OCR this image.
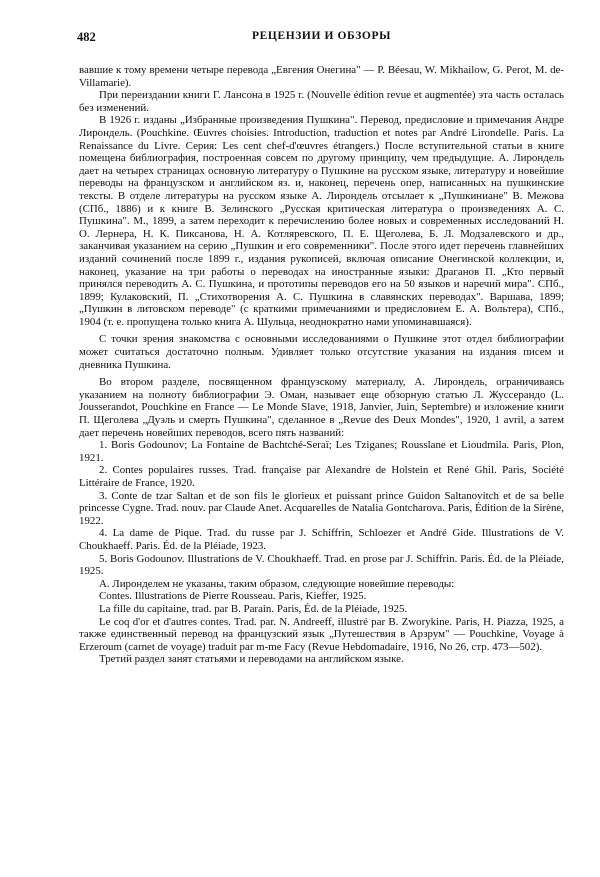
482	РЕЦЕНЗИИ И ОБЗОРЫ

вавшие к тому времени четыре перевода „Евгения Онегина" — P. Béesau, W. Mikhailow, G. Perot, M. de-Villamarie).

При переиздании книги Г. Лансона в 1925 г. (Nouvelle édition revue et augmentée) эта часть осталась без изменений.

В 1926 г. изданы „Избранные произведения Пушкина". Перевод, предисловие и примечания Андре Лирондель. (Pouchkine. Œuvres choisies. Introduction, traduction et notes par André Lirondelle. Paris. La Renaissance du Livre. Серия: Les cent chef-d'œuvres étrangers.) После вступительной статьи в книге помещена библиография, построенная совсем по другому принципу, чем предыдущие. А. Лирондель дает на четырех страницах основную литературу о Пушкине на русском языке, литературу и новейшие переводы на французском и английском яз. и, наконец, перечень опер, написанных на пушкинские тексты. В отделе литературы на русском языке А. Лирондель отсылает к „Пушкиниане" В. Межова (СПб., 1886) и к книге В. Зелинского „Русская критическая литература о произведениях А. С. Пушкина". М., 1899, а затем переходит к перечислению более новых и современных исследований Н. О. Лернера, Н. К. Пиксанова, Н. А. Котляревского, П. Е. Щеголева, Б. Л. Модзалевского и др., заканчивая указанием на серию „Пушкин и его современники". После этого идет перечень главнейших изданий сочинений после 1899 г., издания рукописей, включая описание Онегинской коллекции, и, наконец, указание на три работы о переводах на иностранные языки: Драганов П. „Кто первый принялся переводить А. С. Пушкина, и прототипы переводов его на 50 языков и наречий мира". СПб., 1899; Кулаковский, П. „Стихотворения А. С. Пушкина в славянских переводах". Варшава, 1899; „Пушкин в литовском переводе" (с краткими примечаниями и предисловием Е. А. Вольтера), СПб., 1904 (т. е. пропущена только книга А. Шульца, неоднократно нами упоминавшаяся).

С точки зрения знакомства с основными исследованиями о Пушкине этот отдел библиографии может считаться достаточно полным. Удивляет только отсутствие указания на издания писем и дневника Пушкина.

Во втором разделе, посвященном французскому материалу, А. Лирондель, ограничиваясь указанием на полноту библиографии Э. Оман, называет еще обзорную статью Л. Жуссерандо (L. Jousserandot, Pouchkine en France — Le Monde Slave, 1918, Janvier, Juin, Septembre) и изложение книги П. Щеголева „Дуэль и смерть Пушкина", сделанное в „Revue des Deux Mondes", 1920, 1 avril, а затем дает перечень новейших переводов, всего пять названий:

1. Boris Godounov; La Fontaine de Bachtché-Seraï; Les Tziganes; Rousslane et Lioudmila. Paris, Plon, 1921.

2. Contes populaires russes. Trad. française par Alexandre de Holstein et René Ghil. Paris, Société Littéraire de France, 1920.

3. Conte de tzar Saltan et de son fils le glorieux et puissant prince Guidon Saltanovitch et de sa belle princesse Cygne. Trad. nouv. par Claude Anet. Acquarelles de Natalia Gontcharova. Paris, Édition de la Sirène, 1922.

4. La dame de Pique. Trad. du russe par J. Schiffrin, Schloezer et André Gide. Illustrations de V. Choukhaeff. Paris. Éd. de la Pléiade, 1923.

5. Boris Godounov. Illustrations de V. Choukhaeff. Trad. en prose par J. Schiffrin. Paris. Éd. de la Pléiade, 1925.

А. Лиронделем не указаны, таким образом, следующие новейшие переводы:

Contes. Illustrations de Pierre Rousseau. Paris, Kieffer, 1925.

La fille du capitaine, trad. par B. Parain. Paris, Éd. de la Pléiade, 1925.

Le coq d'or et d'autres contes. Trad. par. N. Andreeff, illustré par B. Zworykine. Paris, H. Piazza, 1925, а также единственный перевод на французский язык „Путешествия в Арзрум" — Pouchkine, Voyage à Erzeroum (carnet de voyage) traduit par m-me Facy (Revue Hebdomadaire, 1916, No 26, стр. 473—502).

Третий раздел занят статьями и переводами на английском языке.
